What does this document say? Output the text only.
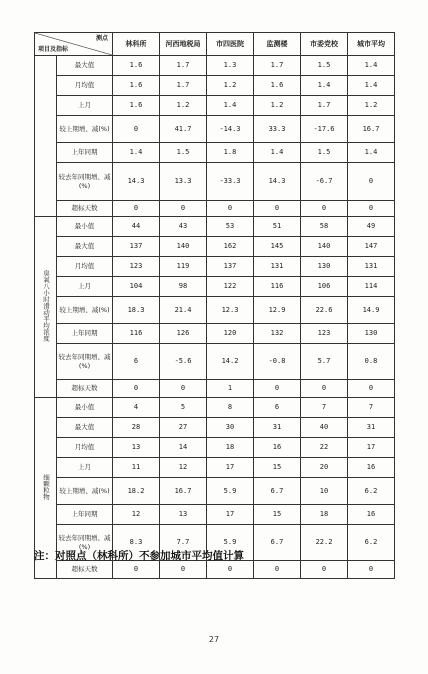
测点
项目及指标		林科所	河西地税局	市四医院	监测楼	市委党校	城市平均
	最大值	1.6	1.7	1.3	1.7	1.5	1.4
	月均值	1.6	1.7	1.2	1.6	1.4	1.4
	上月	1.6	1.2	1.4	1.2	1.7	1.2
	较上期增、减(%)	0	41.7	-14.3	33.3	-17.6	16.7
	上年同期	1.4	1.5	1.8	1.4	1.5	1.4
	较去年同期增、减(%)	14.3	13.3	-33.3	14.3	-6.7	0
	超标天数	0	0	0	0	0	0
臭氧八小时滑动平均浓度	最小值	44	43	53	51	58	49
	最大值	137	140	162	145	140	147
	月均值	123	119	137	131	130	131
	上月	104	98	122	116	106	114
	较上期增、减(%)	18.3	21.4	12.3	12.9	22.6	14.9
	上年同期	116	126	120	132	123	130
	较去年同期增、减(%)	6	-5.6	14.2	-0.8	5.7	0.8
	超标天数	0	0	1	0	0	0
细颗粒物	最小值	4	5	8	6	7	7
	最大值	28	27	30	31	40	31
	月均值	13	14	18	16	22	17
	上月	11	12	17	15	20	16
	较上期增、减(%)	18.2	16.7	5.9	6.7	10	6.2
	上年同期	12	13	17	15	18	16
	较去年同期增、减(%)	8.3	7.7	5.9	6.7	22.2	6.2
	超标天数	0	0	0	0	0	0
注：对照点（林科所）不参加城市平均值计算
27
